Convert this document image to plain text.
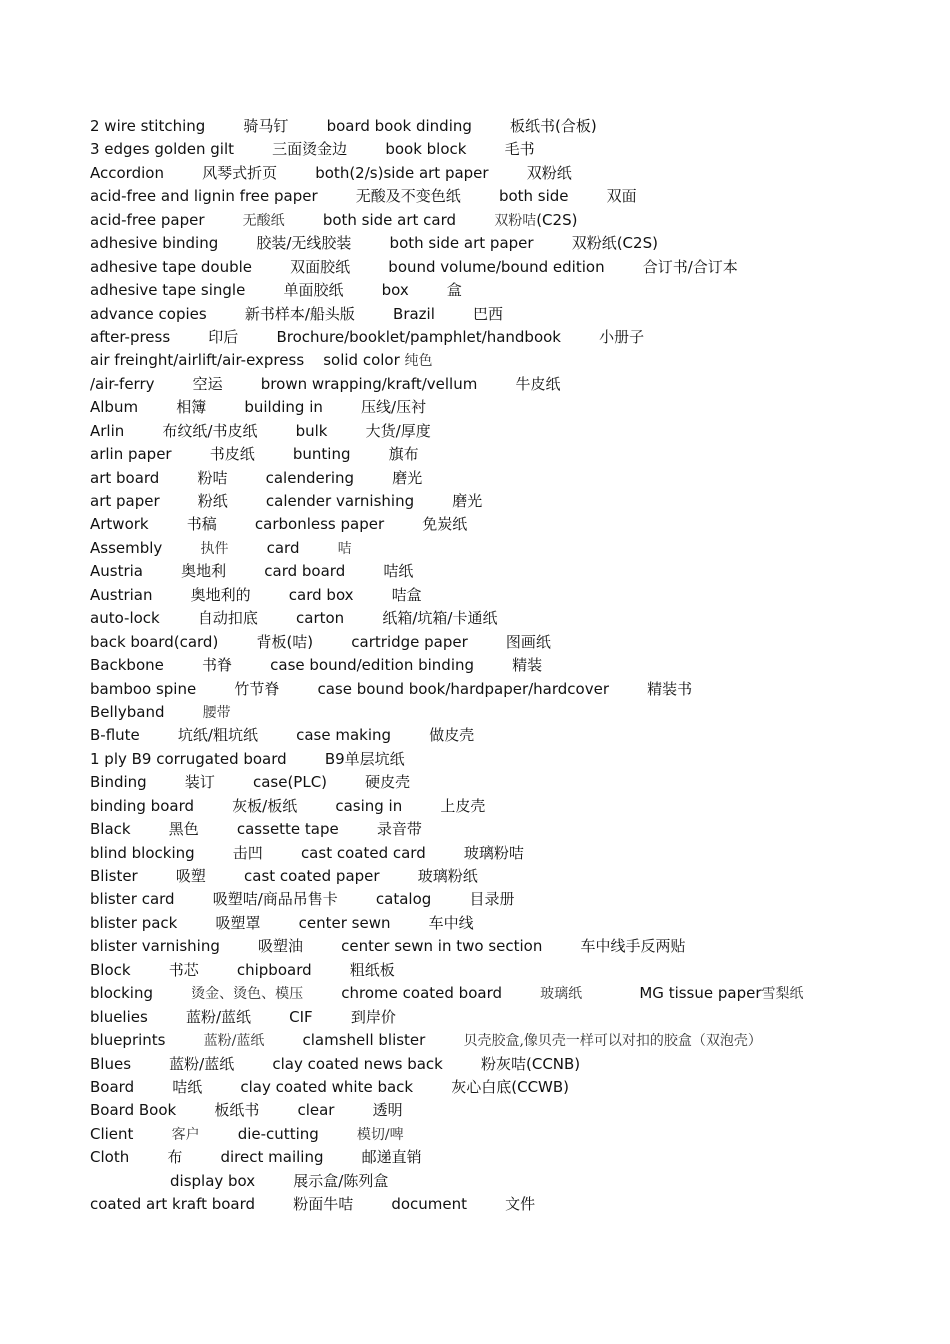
2 wire stitching        骑马钉        board book dinding        板纸书(合板)
3 edges golden gilt        三面烫金边        book block        毛书
Accordion        风琴式折页        both(2/s)side art paper        双粉纸
acid-free and lignin free paper        无酸及不变色纸        both side        双面
acid-free paper        无酸纸        both side art card        双粉咭(C2S)
adhesive binding        胶装/无线胶装        both side art paper        双粉纸(C2S)
adhesive tape double        双面胶纸        bound volume/bound edition        合订书/合订本
adhesive tape single        单面胶纸        box        盒
advance copies        新书样本/船头版        Brazil        巴西
after-press        印后        Brochure/booklet/pamphlet/handbook        小册子
air freinght/airlift/air-express    solid color 纯色
/air-ferry        空运        brown wrapping/kraft/vellum        牛皮纸
Album        相簿        building in        压线/压衬
Arlin        布纹纸/书皮纸        bulk        大货/厚度
arlin paper        书皮纸        bunting        旗布
art board        粉咭        calendering        磨光
art paper        粉纸        calender varnishing        磨光
Artwork        书稿        carbonless paper        免炭纸
Assembly        执件        card        咭
Austria        奥地利        card board        咭纸
Austrian        奥地利的        card box        咭盒
auto-lock        自动扣底        carton        纸箱/坑箱/卡通纸
back board(card)        背板(咭)        cartridge paper        图画纸
Backbone        书脊        case bound/edition binding        精装
bamboo spine        竹节脊        case bound book/hardpaper/hardcover        精装书
Bellyband        腰带
B-flute        坑纸/粗坑纸        case making        做皮壳
1 ply B9 corrugated board        B9单层坑纸
Binding        装订        case(PLC)        硬皮壳
binding board        灰板/板纸        casing in        上皮壳
Black        黑色        cassette tape        录音带
blind blocking        击凹        cast coated card        玻璃粉咭
Blister        吸塑        cast coated paper        玻璃粉纸
blister card        吸塑咭/商品吊售卡        catalog        目录册
blister pack        吸塑罩        center sewn        车中线
blister varnishing        吸塑油        center sewn in two section        车中线手反两贴
Block        书芯        chipboard        粗纸板
blocking        烫金、烫色、模压        chrome coated board        玻璃纸            MG tissue paper雪梨纸
bluelies        蓝粉/蓝纸        CIF        到岸价
blueprints        蓝粉/蓝纸        clamshell blister        贝壳胶盒,像贝壳一样可以对扣的胶盒（双泡壳）
Blues        蓝粉/蓝纸        clay coated news back        粉灰咭(CCNB)
Board        咭纸        clay coated white back        灰心白底(CCWB)
Board Book        板纸书        clear        透明
Client        客户        die-cutting        模切/啤
Cloth        布        direct mailing        邮递直销
display box        展示盒/陈列盒
coated art kraft board        粉面牛咭        document        文件
